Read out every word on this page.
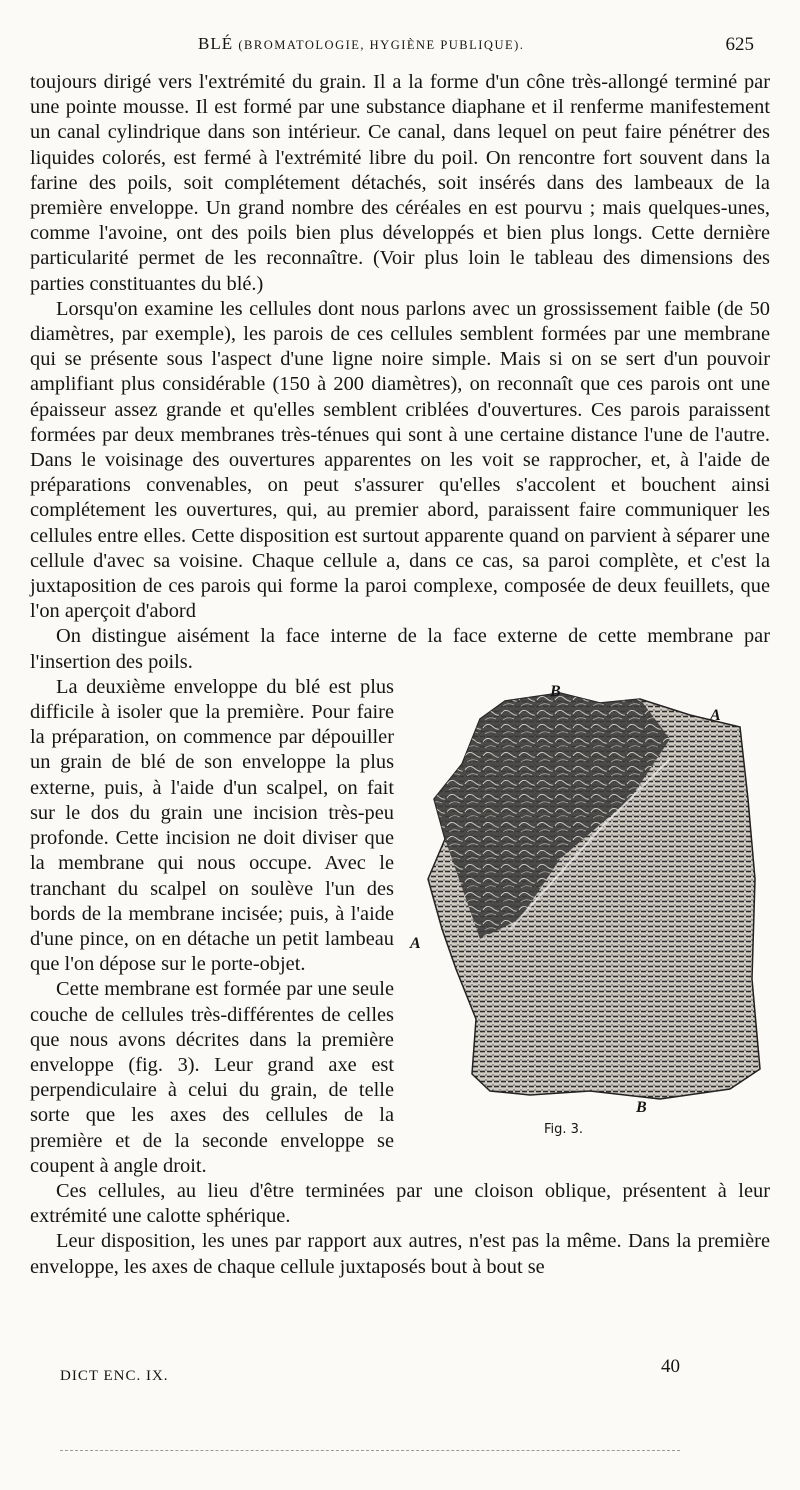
BLÉ (BROMATOLOGIE, HYGIÈNE PUBLIQUE).	625

toujours dirigé vers l'extrémité du grain. Il a la forme d'un cône très-allongé terminé par une pointe mousse. Il est formé par une substance diaphane et il renferme manifestement un canal cylindrique dans son intérieur. Ce canal, dans lequel on peut faire pénétrer des liquides colorés, est fermé à l'extrémité libre du poil. On rencontre fort souvent dans la farine des poils, soit complétement détachés, soit insérés dans des lambeaux de la première enveloppe. Un grand nombre des céréales en est pourvu ; mais quelques-unes, comme l'avoine, ont des poils bien plus développés et bien plus longs. Cette dernière particularité permet de les reconnaître. (Voir plus loin le tableau des dimensions des parties constituantes du blé.)

Lorsqu'on examine les cellules dont nous parlons avec un grossissement faible (de 50 diamètres, par exemple), les parois de ces cellules semblent formées par une membrane qui se présente sous l'aspect d'une ligne noire simple. Mais si on se sert d'un pouvoir amplifiant plus considérable (150 à 200 diamètres), on reconnaît que ces parois ont une épaisseur assez grande et qu'elles semblent criblées d'ouvertures. Ces parois paraissent formées par deux membranes très-ténues qui sont à une certaine distance l'une de l'autre. Dans le voisinage des ouvertures apparentes on les voit se rapprocher, et, à l'aide de préparations convenables, on peut s'assurer qu'elles s'accolent et bouchent ainsi complétement les ouvertures, qui, au premier abord, paraissent faire communiquer les cellules entre elles. Cette disposition est surtout apparente quand on parvient à séparer une cellule d'avec sa voisine. Chaque cellule a, dans ce cas, sa paroi complète, et c'est la juxtaposition de ces parois qui forme la paroi complexe, composée de deux feuillets, que l'on aperçoit d'abord

On distingue aisément la face interne de la face externe de cette membrane par l'insertion des poils.

B
A
A
B
Fig. 3.

La deuxième enveloppe du blé est plus difficile à isoler que la première. Pour faire la préparation, on commence par dépouiller un grain de blé de son enveloppe la plus externe, puis, à l'aide d'un scalpel, on fait sur le dos du grain une incision très-peu profonde. Cette incision ne doit diviser que la membrane qui nous occupe. Avec le tranchant du scalpel on soulève l'un des bords de la membrane incisée; puis, à l'aide d'une pince, on en détache un petit lambeau que l'on dépose sur le porte-objet.

Cette membrane est formée par une seule couche de cellules très-différentes de celles que nous avons décrites dans la première enveloppe (fig. 3). Leur grand axe est perpendiculaire à celui du grain, de telle sorte que les axes des cellules de la première et de la seconde enveloppe se coupent à angle droit.

Ces cellules, au lieu d'être terminées par une cloison oblique, présentent à leur extrémité une calotte sphérique.

Leur disposition, les unes par rapport aux autres, n'est pas la même. Dans la première enveloppe, les axes de chaque cellule juxtaposés bout à bout se

DICT ENC. IX.	40
